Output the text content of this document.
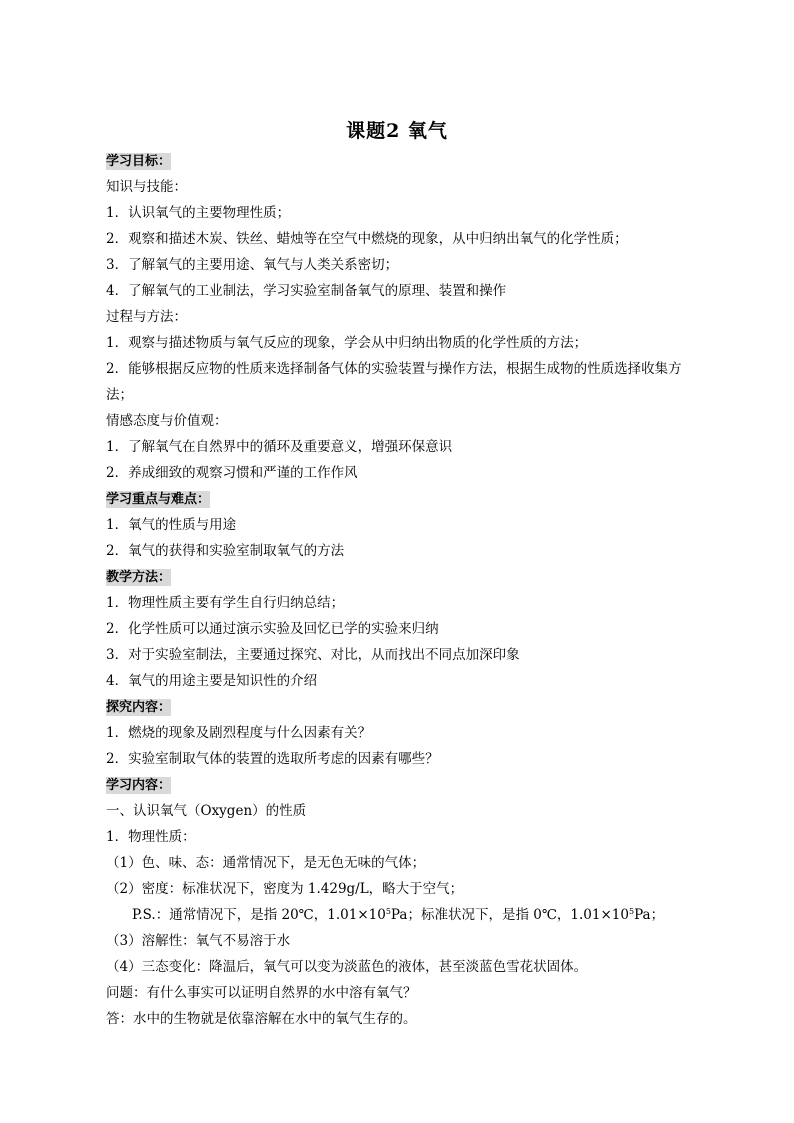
课题2 氧气
学习目标：
知识与技能：
1．认识氧气的主要物理性质；
2．观察和描述木炭、铁丝、蜡烛等在空气中燃烧的现象，从中归纳出氧气的化学性质；
3．了解氧气的主要用途、氧气与人类关系密切；
4．了解氧气的工业制法，学习实验室制备氧气的原理、装置和操作
过程与方法：
1．观察与描述物质与氧气反应的现象，学会从中归纳出物质的化学性质的方法；
2．能够根据反应物的性质来选择制备气体的实验装置与操作方法，根据生成物的性质选择收集方法；
情感态度与价值观：
1．了解氧气在自然界中的循环及重要意义，增强环保意识
2．养成细致的观察习惯和严谨的工作作风
学习重点与难点：
1．氧气的性质与用途
2．氧气的获得和实验室制取氧气的方法
教学方法：
1．物理性质主要有学生自行归纳总结；
2．化学性质可以通过演示实验及回忆已学的实验来归纳
3．对于实验室制法，主要通过探究、对比，从而找出不同点加深印象
4．氧气的用途主要是知识性的介绍
探究内容：
1．燃烧的现象及剧烈程度与什么因素有关？
2．实验室制取气体的装置的选取所考虑的因素有哪些？
学习内容：
一、认识氧气（Oxygen）的性质
1．物理性质：
（1）色、味、态：通常情况下，是无色无味的气体；
（2）密度：标准状况下，密度为 1.429g/L，略大于空气；
P.S.：通常情况下，是指 20℃，$1.01\times 10^5Pa$；标准状况下，是指 0℃，$1.01\times 10^5Pa$；
（3）溶解性：氧气不易溶于水
（4）三态变化：降温后，氧气可以变为淡蓝色的液体，甚至淡蓝色雪花状固体。
问题：有什么事实可以证明自然界的水中溶有氧气？
答：水中的生物就是依靠溶解在水中的氧气生存的。
